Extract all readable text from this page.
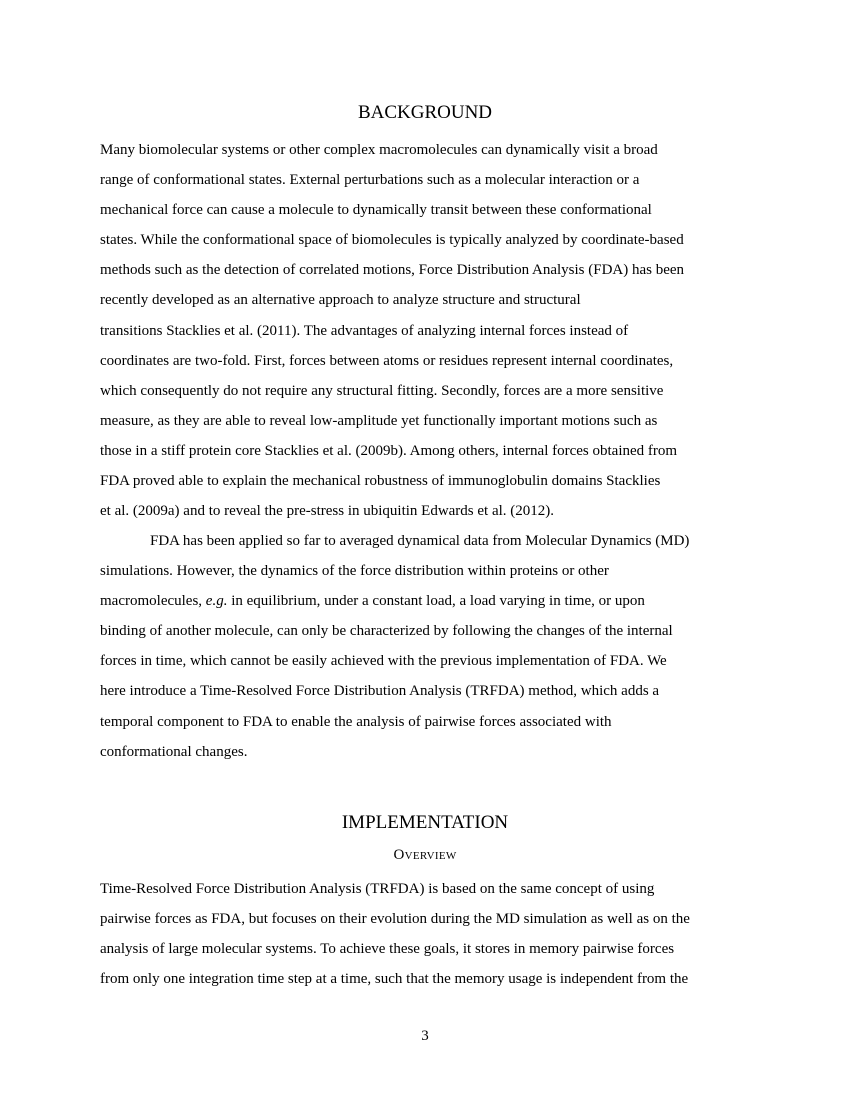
BACKGROUND

Many biomolecular systems or other complex macromolecules can dynamically visit a broad
range of conformational states. External perturbations such as a molecular interaction or a
mechanical force can cause a molecule to dynamically transit between these conformational
states. While the conformational space of biomolecules is typically analyzed by coordinate-based
methods such as the detection of correlated motions, Force Distribution Analysis (FDA) has been
recently developed as an alternative approach to analyze structure and structural
transitions Stacklies et al. (2011). The advantages of analyzing internal forces instead of
coordinates are two-fold. First, forces between atoms or residues represent internal coordinates,
which consequently do not require any structural fitting. Secondly, forces are a more sensitive
measure, as they are able to reveal low-amplitude yet functionally important motions such as
those in a stiff protein core Stacklies et al. (2009b). Among others, internal forces obtained from
FDA proved able to explain the mechanical robustness of immunoglobulin domains Stacklies
et al. (2009a) and to reveal the pre-stress in ubiquitin Edwards et al. (2012).

FDA has been applied so far to averaged dynamical data from Molecular Dynamics (MD)
simulations. However, the dynamics of the force distribution within proteins or other
macromolecules, e.g. in equilibrium, under a constant load, a load varying in time, or upon
binding of another molecule, can only be characterized by following the changes of the internal
forces in time, which cannot be easily achieved with the previous implementation of FDA. We
here introduce a Time-Resolved Force Distribution Analysis (TRFDA) method, which adds a
temporal component to FDA to enable the analysis of pairwise forces associated with
conformational changes.

IMPLEMENTATION
Overview

Time-Resolved Force Distribution Analysis (TRFDA) is based on the same concept of using
pairwise forces as FDA, but focuses on their evolution during the MD simulation as well as on the
analysis of large molecular systems. To achieve these goals, it stores in memory pairwise forces
from only one integration time step at a time, such that the memory usage is independent from the

3
